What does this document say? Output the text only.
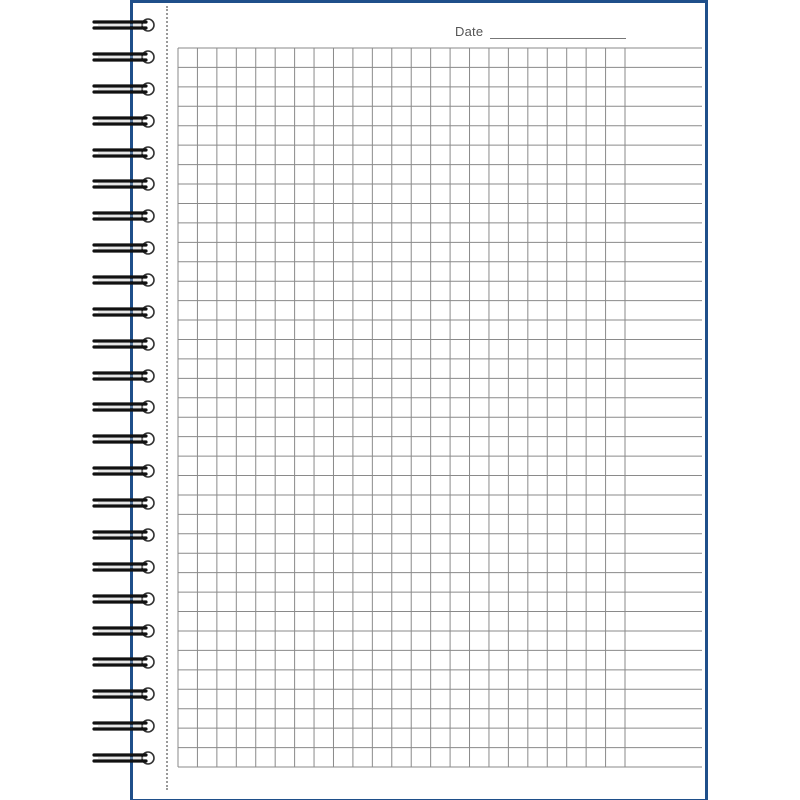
Date
